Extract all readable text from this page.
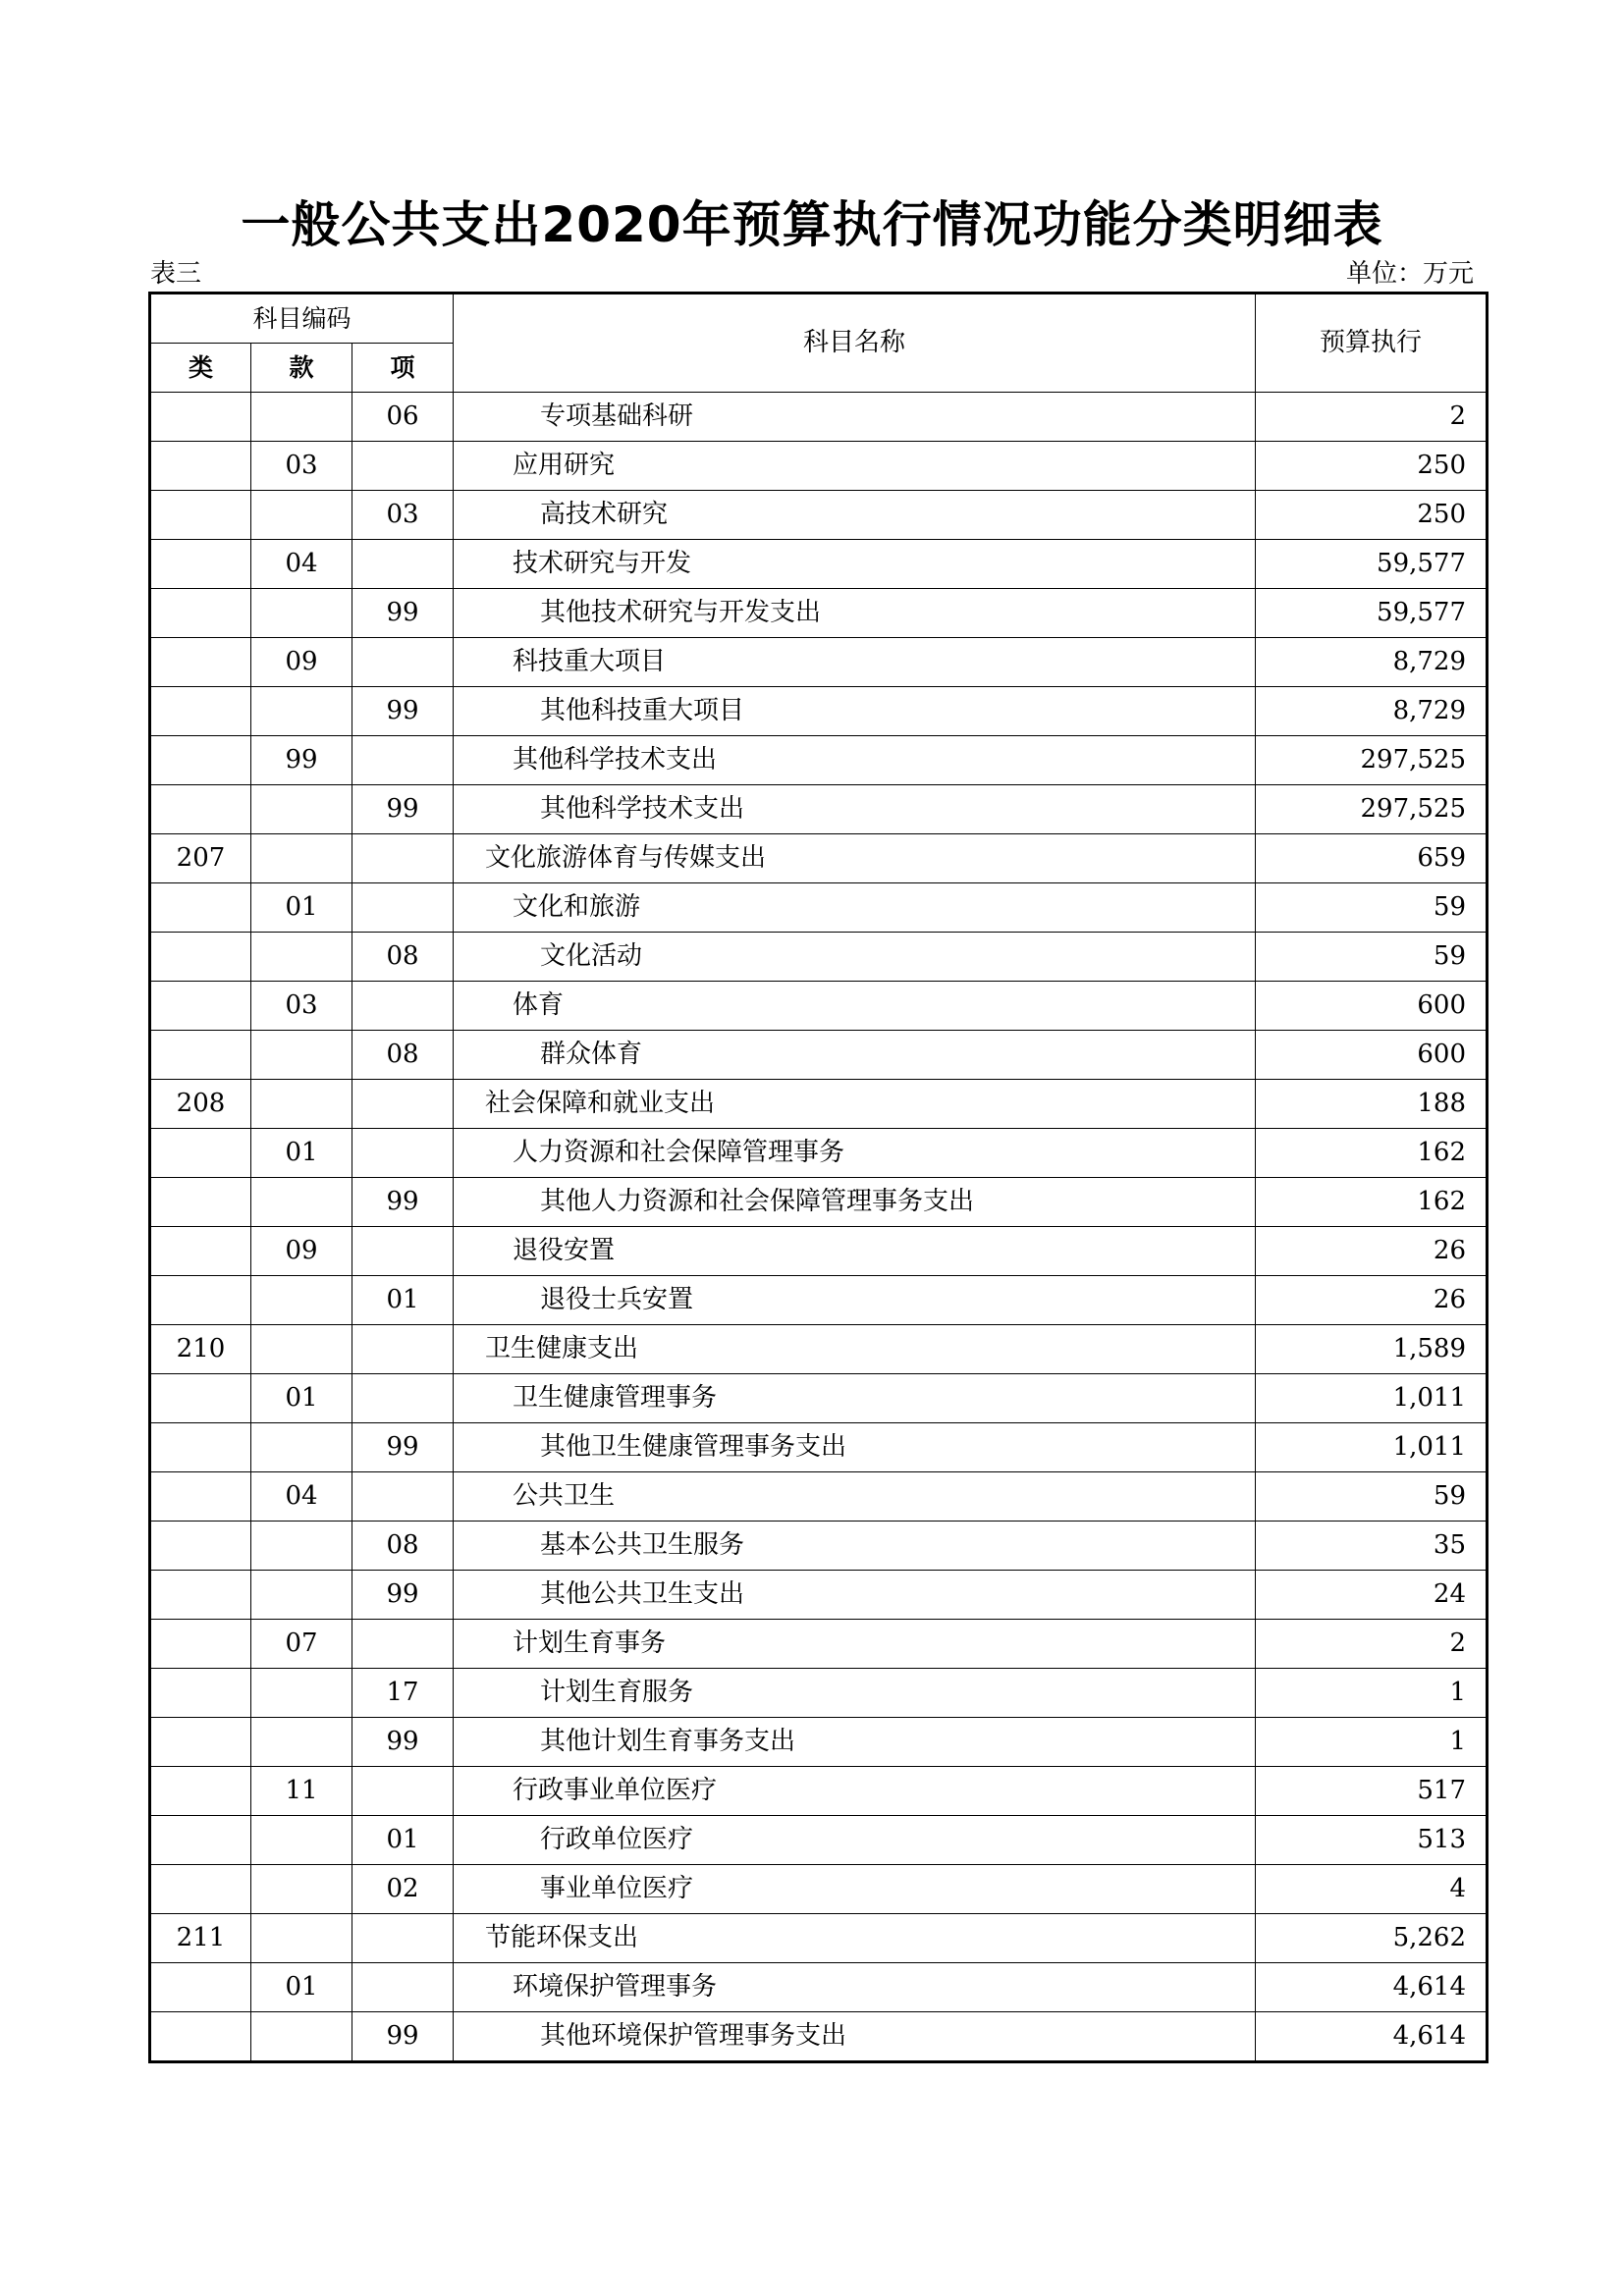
一般公共支出2020年预算执行情况功能分类明细表
表三	单位：万元
科目编码			科目名称	预算执行
类	款	项		
		06	专项基础科研	2
	03		应用研究	250
		03	高技术研究	250
	04		技术研究与开发	59,577
		99	其他技术研究与开发支出	59,577
	09		科技重大项目	8,729
		99	其他科技重大项目	8,729
	99		其他科学技术支出	297,525
		99	其他科学技术支出	297,525
207			文化旅游体育与传媒支出	659
	01		文化和旅游	59
		08	文化活动	59
	03		体育	600
		08	群众体育	600
208			社会保障和就业支出	188
	01		人力资源和社会保障管理事务	162
		99	其他人力资源和社会保障管理事务支出	162
	09		退役安置	26
		01	退役士兵安置	26
210			卫生健康支出	1,589
	01		卫生健康管理事务	1,011
		99	其他卫生健康管理事务支出	1,011
	04		公共卫生	59
		08	基本公共卫生服务	35
		99	其他公共卫生支出	24
	07		计划生育事务	2
		17	计划生育服务	1
		99	其他计划生育事务支出	1
	11		行政事业单位医疗	517
		01	行政单位医疗	513
		02	事业单位医疗	4
211			节能环保支出	5,262
	01		环境保护管理事务	4,614
		99	其他环境保护管理事务支出	4,614
